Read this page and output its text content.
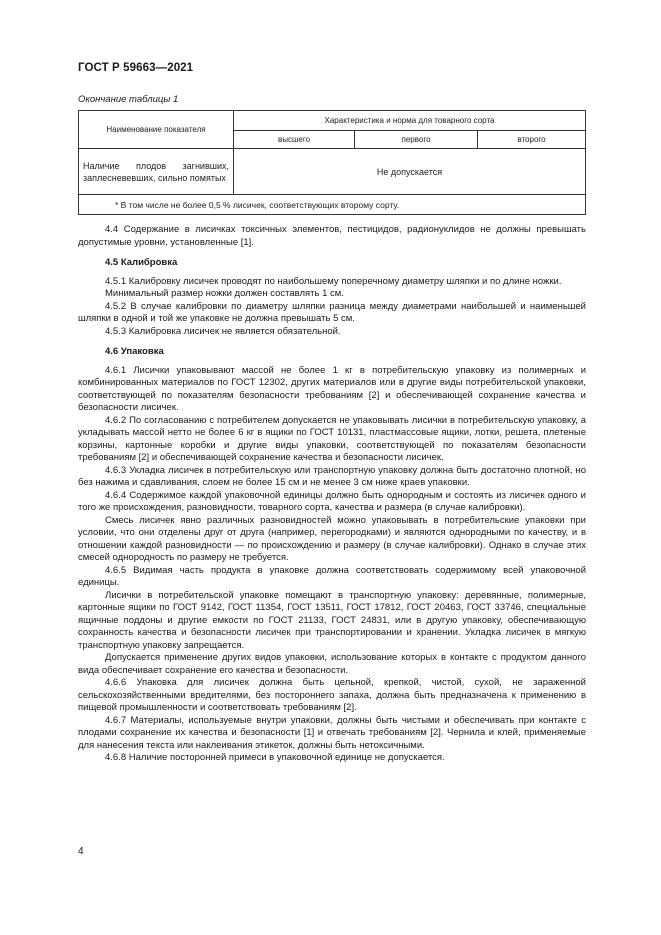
ГОСТ Р 59663—2021
Окончание таблицы 1
Наименование показателя	Характеристика и норма для товарного сорта		
	высшего	первого	второго
Наличие плодов загнивших, заплесневевших, сильно помятых	Не допускается		
* В том числе не более 0,5 % лисичек, соответствующих второму сорту.			

4.4 Содержание в лисичках токсичных элементов, пестицидов, радионуклидов не должны превышать допустимые уровни, установленные [1].

4.5 Калибровка

4.5.1 Калибровку лисичек проводят по наибольшему поперечному диаметру шляпки и по длине ножки.

Минимальный размер ножки должен составлять 1 см.

4.5.2 В случае калибровки по диаметру шляпки разница между диаметрами наибольшей и наименьшей шляпки в одной и той же упаковке не должна превышать 5 см.

4.5.3 Калибровка лисичек не является обязательной.

4.6 Упаковка

4.6.1 Лисички упаковывают массой не более 1 кг в потребительскую упаковку из полимерных и комбинированных материалов по ГОСТ 12302, других материалов или в другие виды потребительской упаковки, соответствующей по показателям безопасности требованиям [2] и обеспечивающей сохранение качества и безопасности лисичек.

4.6.2 По согласованию с потребителем допускается не упаковывать лисички в потребительскую упаковку, а укладывать массой нетто не более 6 кг в ящики по ГОСТ 10131, пластмассовые ящики, лотки, решета, плетеные корзины, картонные коробки и другие виды упаковки, соответствующей по показателям безопасности требованиям [2] и обеспечивающей сохранение качества и безопасности лисичек.

4.6.3 Укладка лисичек в потребительскую или транспортную упаковку должна быть достаточно плотной, но без нажима и сдавливания, слоем не более 15 см и не менее 3 см ниже краев упаковки.

4.6.4 Содержимое каждой упаковочной единицы должно быть однородным и состоять из лисичек одного и того же происхождения, разновидности, товарного сорта, качества и размера (в случае калибровки).

Смесь лисичек явно различных разновидностей можно упаковывать в потребительские упаковки при условии, что они отделены друг от друга (например, перегородками) и являются однородными по качеству, и в отношении каждой разновидности — по происхождению и размеру (в случае калибровки). Однако в случае этих смесей однородность по размеру не требуется.

4.6.5 Видимая часть продукта в упаковке должна соответствовать содержимому всей упаковочной единицы.

Лисички в потребительской упаковке помещают в транспортную упаковку: деревянные, полимерные, картонные ящики по ГОСТ 9142, ГОСТ 11354, ГОСТ 13511, ГОСТ 17812, ГОСТ 20463, ГОСТ 33746, специальные ящичные поддоны и другие емкости по ГОСТ 21133, ГОСТ 24831, или в другую упаковку, обеспечивающую сохранность качества и безопасности лисичек при транспортировании и хранении. Укладка лисичек в мягкую транспортную упаковку запрещается.

Допускается применение других видов упаковки, использование которых в контакте с продуктом данного вида обеспечивает сохранение его качества и безопасности.

4.6.6 Упаковка для лисичек должна быть цельной, крепкой, чистой, сухой, не зараженной сельскохозяйственными вредителями, без постороннего запаха, должна быть предназначена к применению в пищевой промышленности и соответствовать требованиям [2].

4.6.7 Материалы, используемые внутри упаковки, должны быть чистыми и обеспечивать при контакте с плодами сохранение их качества и безопасности [1] и отвечать требованиям [2]. Чернила и клей, применяемые для нанесения текста или наклеивания этикеток, должны быть нетоксичными.

4.6.8 Наличие посторонней примеси в упаковочной единице не допускается.

4
